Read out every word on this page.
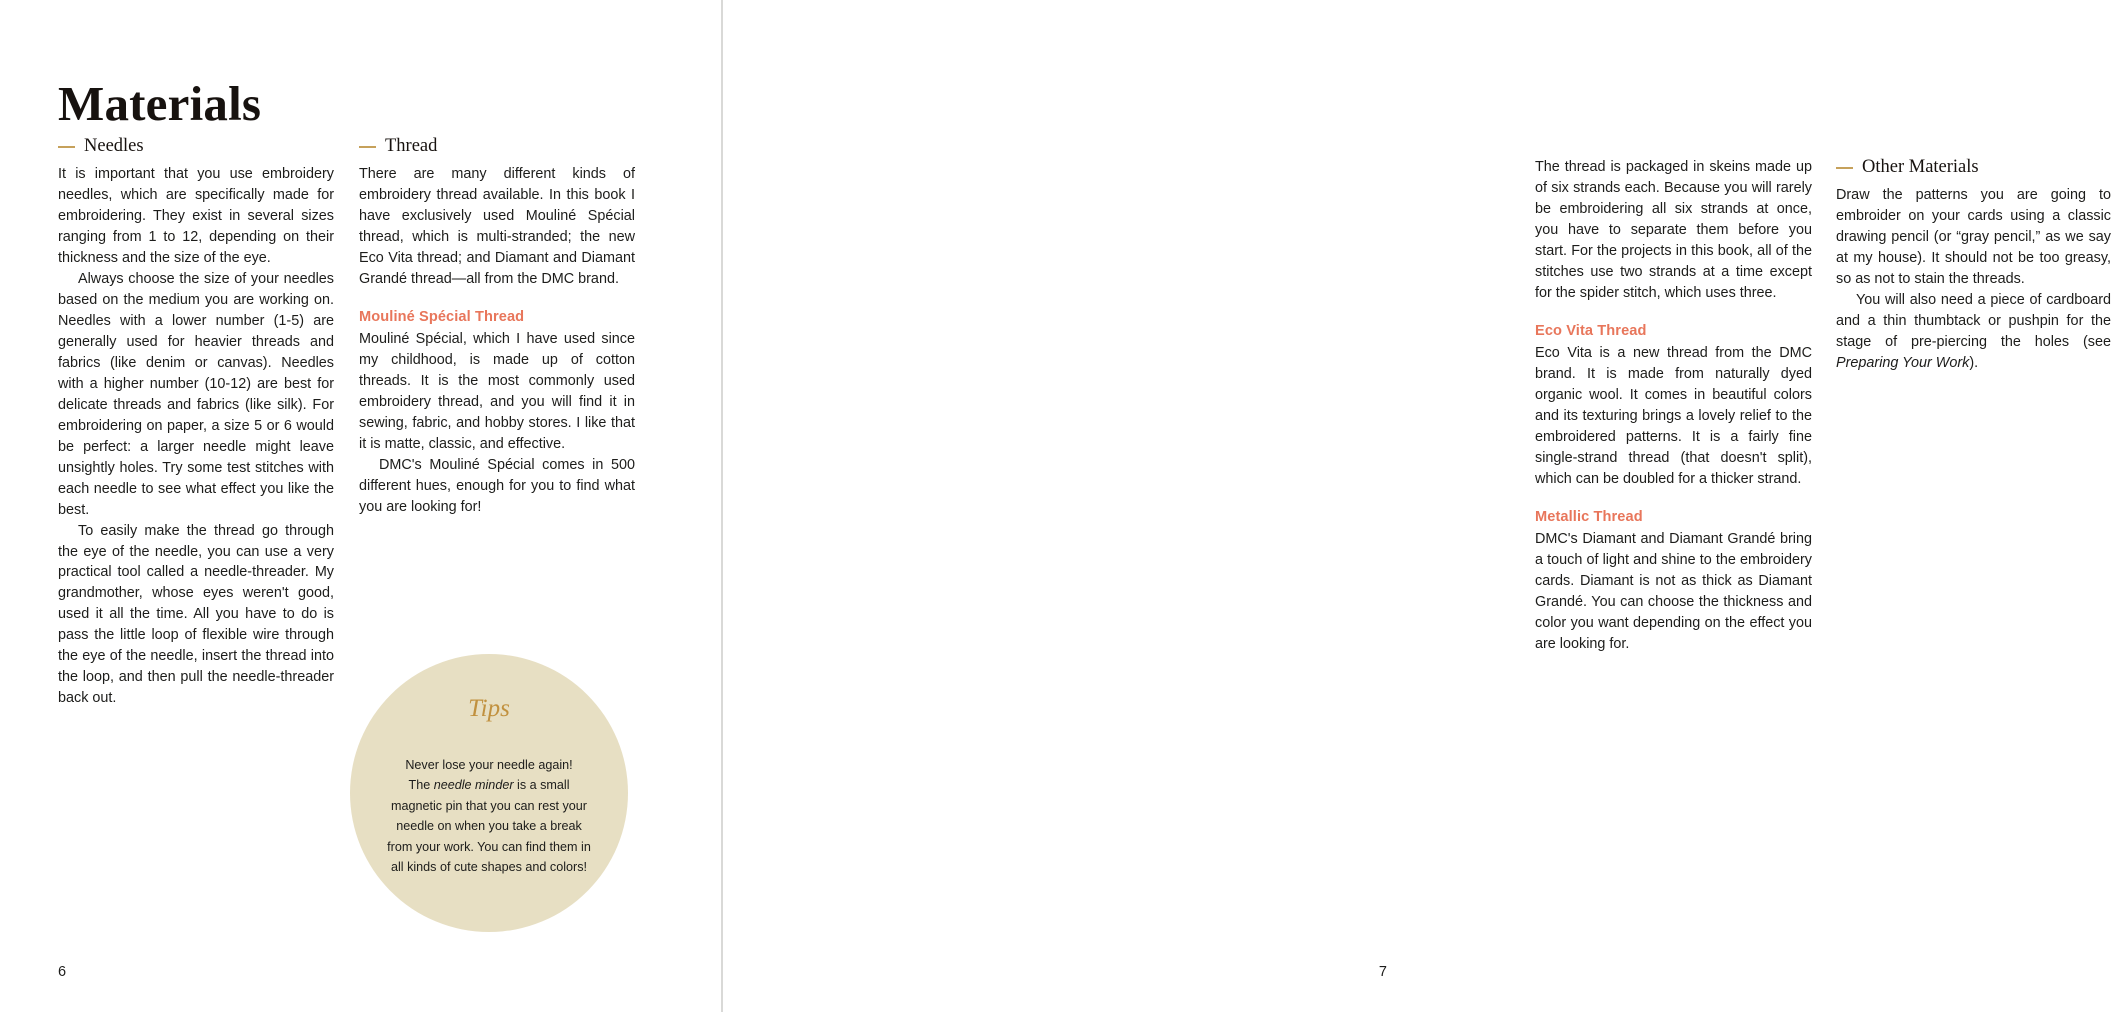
Materials
Needles

It is important that you use embroidery needles, which are specifically made for embroidering. They exist in several sizes ranging from 1 to 12, depending on their thickness and the size of the eye.

Always choose the size of your needles based on the medium you are working on. Needles with a lower number (1-5) are generally used for heavier threads and fabrics (like denim or canvas). Needles with a higher number (10-12) are best for delicate threads and fabrics (like silk). For embroidering on paper, a size 5 or 6 would be perfect: a larger needle might leave unsightly holes. Try some test stitches with each needle to see what effect you like the best.

To easily make the thread go through the eye of the needle, you can use a very practical tool called a needle-threader. My grandmother, whose eyes weren't good, used it all the time. All you have to do is pass the little loop of flexible wire through the eye of the needle, insert the thread into the loop, and then pull the needle-threader back out.

Thread

There are many different kinds of embroidery thread available. In this book I have exclusively used Mouliné Spécial thread, which is multi-stranded; the new Eco Vita thread; and Diamant and Diamant Grandé thread—all from the DMC brand.

Mouliné Spécial Thread

Mouliné Spécial, which I have used since my childhood, is made up of cotton threads. It is the most commonly used embroidery thread, and you will find it in sewing, fabric, and hobby stores. I like that it is matte, classic, and effective.

DMC's Mouliné Spécial comes in 500 different hues, enough for you to find what you are looking for!

Tips

Never lose your needle again!
The needle minder is a small magnetic pin that you can rest your needle on when you take a break from your work. You can find them in all kinds of cute shapes and colors!

6

The thread is packaged in skeins made up of six strands each. Because you will rarely be embroidering all six strands at once, you have to separate them before you start. For the projects in this book, all of the stitches use two strands at a time except for the spider stitch, which uses three.

Eco Vita Thread

Eco Vita is a new thread from the DMC brand. It is made from naturally dyed organic wool. It comes in beautiful colors and its texturing brings a lovely relief to the embroidered patterns. It is a fairly fine single-strand thread (that doesn't split), which can be doubled for a thicker strand.

Metallic Thread

DMC's Diamant and Diamant Grandé bring a touch of light and shine to the embroidery cards. Diamant is not as thick as Diamant Grandé. You can choose the thickness and color you want depending on the effect you are looking for.

Other Materials

Draw the patterns you are going to embroider on your cards using a classic drawing pencil (or “gray pencil,” as we say at my house). It should not be too greasy, so as not to stain the threads.

You will also need a piece of cardboard and a thin thumbtack or pushpin for the stage of pre-piercing the holes (see Preparing Your Work).

7
